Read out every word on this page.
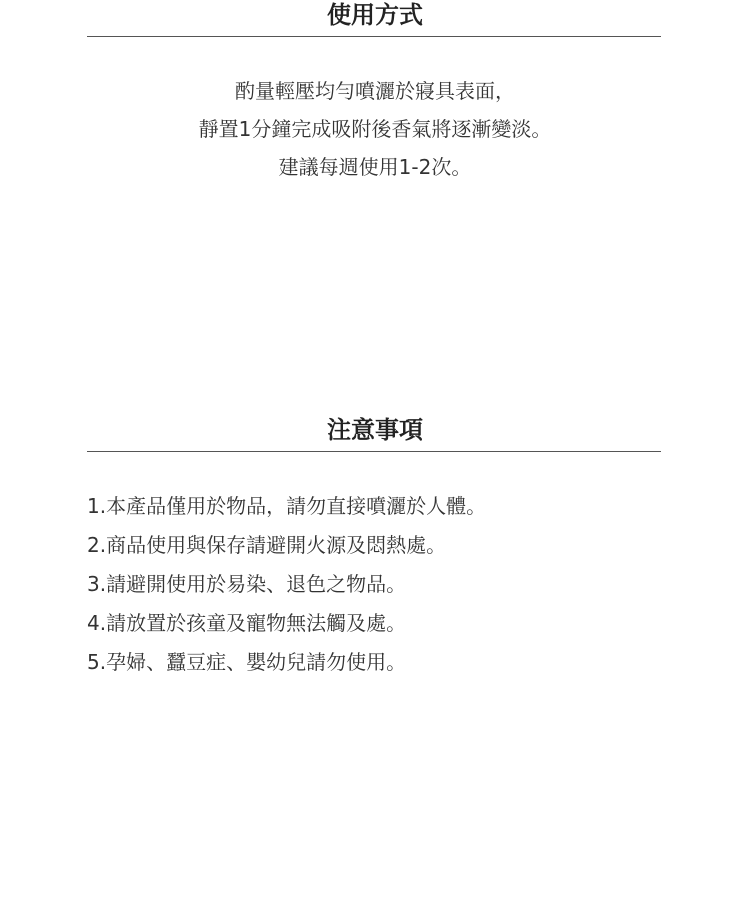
使用方式

酌量輕壓均勻噴灑於寢具表面，

靜置1分鐘完成吸附後香氣將逐漸變淡。

建議每週使用1-2次。

注意事項
1.本產品僅用於物品，請勿直接噴灑於人體。
2.商品使用與保存請避開火源及悶熱處。
3.請避開使用於易染、退色之物品。
4.請放置於孩童及寵物無法觸及處。
5.孕婦、蠶豆症、嬰幼兒請勿使用。
